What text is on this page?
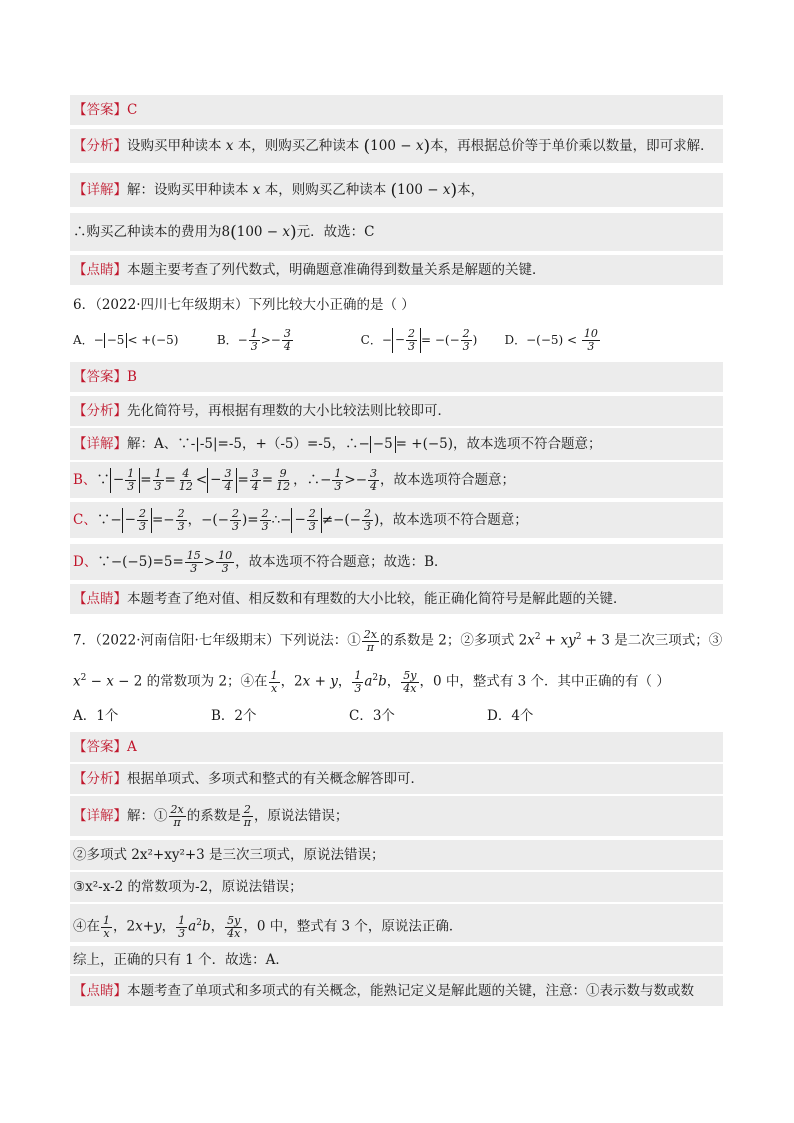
【答案】C
【分析】设购买甲种读本 x 本，则购买乙种读本 (100 − x)本，再根据总价等于单价乘以数量，即可求解．
【详解】解：设购买甲种读本 x 本，则购买乙种读本 (100 − x)本，
∴购买乙种读本的费用为8(100 − x)元．故选：C
【点睛】本题主要考查了列代数式，明确题意准确得到数量关系是解题的关键．
6．（2022·四川七年级期末）下列比较大小正确的是（ ）
A．− −5 < +(−5)	B．− $\frac{1}{3} >- \frac{3}{4}$	C．− − $\frac{2}{3}$ = −(− $\frac{2}{3}$ ) D．$-(-5) < \frac{10}{3}$
【答案】B
【分析】先化简符号，再根据有理数的大小比较法则比较即可．
【详解】解：A、∵-|-5|=-5，+（-5）=-5，∴− −5 = +(−5)，故本选项不符合题意；
B、∵ − $\frac{1}{3} = \frac{1}{3} = \frac{4}{12}$ < − $\frac{3}{4} = \frac{3}{4} = \frac{9}{12}$ ，∴− $\frac{1}{3} >- \frac{3}{4}$ ，故本选项符合题意；
C、∵− − $\frac{2}{3} =- \frac{2}{3}$ ，−(− $\frac{2}{3}$ )= $\frac{2}{3}$ ∴− − $\frac{2}{3}$ ≠−(− $\frac{2}{3}$ )，故本选项不符合题意；
D、∵−(−5)=5= $\frac{15}{3} > \frac{10}{3}$ ，故本选项不符合题意；故选：B．
【点睛】本题考查了绝对值、相反数和有理数的大小比较，能正确化简符号是解此题的关键．
7．（2022·河南信阳·七年级期末）下列说法：① $\frac{2x}{\pi}$ 的系数是 2；②多项式 $2x^2 + xy^2 + 3$ 是二次三项式；③
$x^2 - x - 2$ 的常数项为 2；④在 $\frac{1}{x}$ ，2x + y， $\frac{1}{3} a^2b$， $\frac{5y}{4x}$ ，0 中，整式有 3 个．其中正确的有（ ）
A．1个	B．2个	C．3个	D．4个
【答案】A
【分析】根据单项式、多项式和整式的有关概念解答即可．
【详解】解：① $\frac{2x}{\pi}$ 的系数是 $\frac{2}{\pi}$ ，原说法错误；
②多项式 2x²+xy²+3 是三次三项式，原说法错误；
③x²-x-2 的常数项为-2，原说法错误；
④在 $\frac{1}{x}$ ，2x+y， $\frac{1}{3} a^2b$， $\frac{5y}{4x}$ ，0 中，整式有 3 个，原说法正确．
综上，正确的只有 1 个．故选：A．
【点睛】本题考查了单项式和多项式的有关概念，能熟记定义是解此题的关键，注意：①表示数与数或数
